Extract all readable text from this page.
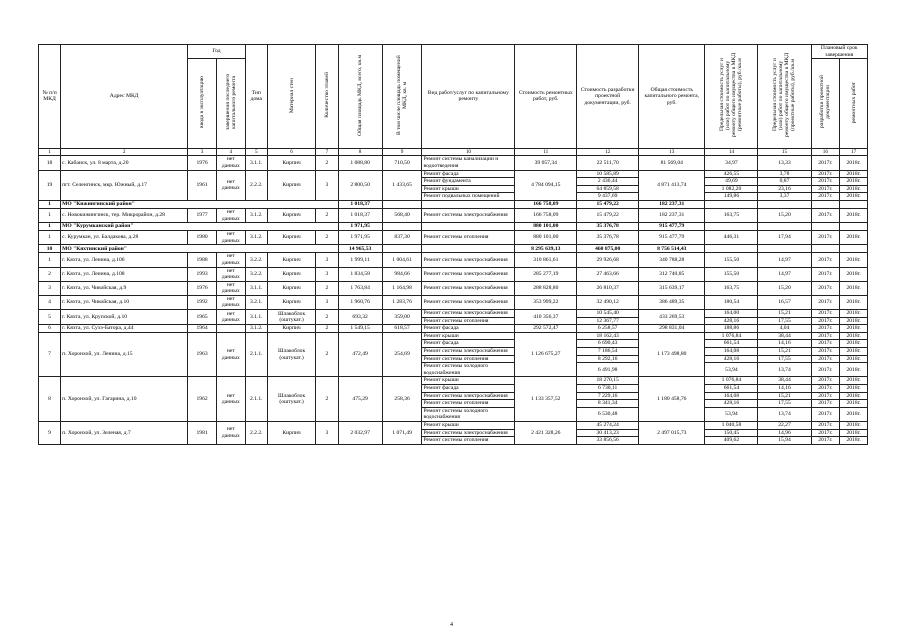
№ п/п МКД	Адрес МКД	Год		Тип дома	Материал стен	Количество этажей	Общая площадь МКД, всего, кв.м	В том числе площадь помещений МКД, кв. м	Вид работ/услуг по капитальному ремонту	Стоимость ремонтных работ, руб.	Стоимость разработки проектной документации, руб.	Общая стоимость капитального ремонта, руб.	Предельная стоимость услуг и (или) работ по капитальному ремонту общего имущества в МКД (ремонтные работы), руб./кв.м	Предельная стоимость услуг и (или) работ по капитальному ремонту общего имущества в МКД (проектные работы), руб./кв.м	Плановый срок завершения	
		ввода в эксплуатацию	завершения последнего капитального ремонта												разработки проектной документации	ремонтных работ
1	2	3	4	5	6	7	8	9	10	11	12	13	14	15	16	17
18	с. Кабанск, ул. 8 марта, д.20	1976	нет данных	3.1.1.	Кирпич	2	1 088,80	710,50	Ремонт системы канализации и водоотведения	39 057,34	22 511,70	81 569,04	34,97	13,33	2017г.	2018г.
19	пгт. Селенгинск, мкр. Южный, д.17	1961	нет данных	2.2.2.	Кирпич	3	2 800,50	1 433,65	Ремонт фасада	4 784 094,15	10 585,89	4 871 413,74	426,55	3,78	2017г.	2018г.
									Ремонт фундамента		2 436,44		49,69	0,87	2017г.	2018г.
									Ремонт крыши		64 859,58		1 082,20	23,16	2017г.	2018г.
									Ремонт подвальных помещений		9 437,69		149,86	3,37	2017г.	2018г.
1	МО "Кижингинский район"						1 018,37			166 758,09	15 479,22	182 237,31				
1	с. Новокижингинск, тер. Микрорайон, д.28	1977	нет данных	3.1.2.	Кирпич	2	1 018,37	568,40	Ремонт системы электроснабжения	166 758,09	15 479,22	182 237,31	163,75	15,20	2017г.	2018г.
1	МО "Курумканский район"						1 971,95			880 101,00	35 376,78	915 477,79				
1	с. Курумкан, ул. Балдакова, д.28	1980	нет данных	3.1.2.	Кирпич	2	1 971,95	837,30	Ремонт системы отопления	880 101,00	35 376,78	915 477,79	446,31	17,94	2017г.	2018г.
10	МО "Кяхтинский район"						14 965,53			8 295 639,13	460 875,00	8 756 514,43				
1	г. Кяхта, ул. Ленина, д.106	1988	нет данных	3.2.2.	Кирпич	3	1 999,11	1 004,61	Ремонт системы электроснабжения	310 861,61	29 926,68	340 788,28	155,50	14,97	2017г.	2018г.
2	г. Кяхта, ул. Ленина, д.108	1993	нет данных	3.2.2.	Кирпич	3	1 834,58	984,66	Ремонт системы электроснабжения	285 277,19	27 463,66	312 740,85	155,50	14,97	2017г.	2018г.
3	г. Кяхта, ул. Чикойская, д.9	1976	нет данных	3.1.1.	Кирпич	2	1 763,84	1 164,98	Ремонт системы электроснабжения	288 828,80	26 810,37	315 639,17	163,75	15,20	2017г.	2018г.
4	г. Кяхта, ул. Чикойская, д.10	1992	нет данных	3.2.1.	Кирпич	3	1 960,76	1 283,76	Ремонт системы электроснабжения	353 999,22	32 490,12	386 489,35	180,54	16,57	2017г.	2018г.
5	г. Кяхта, ул. Крупской, д.10	1965	нет данных	3.1.1.	Шлакоблок (оштукат.)	2	693,32	359,00	Ремонт системы электроснабжения	410 356,37	10 545,40	433 269,53	164,00	15,21	2017г.	2018г.
									Ремонт системы отопления		12 367,77		428,16	17,55	2017г.	2018г.
6	г. Кяхта, ул. Сухэ-Батора, д.44	1964		3.1.2.	Кирпич	2	1 549,15	618,57	Ремонт фасада	292 572,47	6 258,57	298 831,04	188,86	4,04	2017г.	2018г.
7	п. Хоронхой, ул. Ленина, д.15	1963	нет данных	2.1.1.	Шлакоблок (оштукат.)	2	472,49	254,69	Ремонт крыши	1 126 675,27	18 162,43	1 173 498,80	1 076,84	38,44	2017г.	2018г.
									Ремонт фасада		6 690,43		661,54	14,16	2017г.	2018г.
									Ремонт системы электроснабжения		7 186,54		164,08	15,21	2017г.	2018г.
									Ремонт системы отопления		8 292,16		428,16	17,55	2017г.	2018г.
									Ремонт системы холодного водоснабжения		6 491,98		53,94	13,74	2017г.	2018г.
8	п. Хоронхой, ул. Гагарина, д.10	1962	нет данных	2.1.1.	Шлакоблок (оштукат.)	2	475,29	258,36	Ремонт крыши	1 133 357,52	18 270,15	1 180 458,76	1 076,84	38,44	2017г.	2018г.
									Ремонт фасада		6 730,11		661,54	14,16	2017г.	2018г.
									Ремонт системы электроснабжения		7 229,16		164,08	15,21	2017г.	2018г.
									Ремонт системы отопления		8 341,34		428,16	17,55	2017г.	2018г.
									Ремонт системы холодного водоснабжения		6 530,48		53,94	13,74	2017г.	2018г.
9	п. Хоронхой, ул. Зеленая, д.7	1981	нет данных	2.2.2.	Кирпич	3	2 032,97	1 071,49	Ремонт крыши	2 421 328,26	45 274,24	2 497 015,73	1 040,58	22,27	2017г.	2018г.
									Ремонт системы электроснабжения		30 413,23		150,45	14,96	2017г.	2018г.
									Ремонт системы отопления		33 856,56		409,62	15,94	2017г.	2018г.
4
